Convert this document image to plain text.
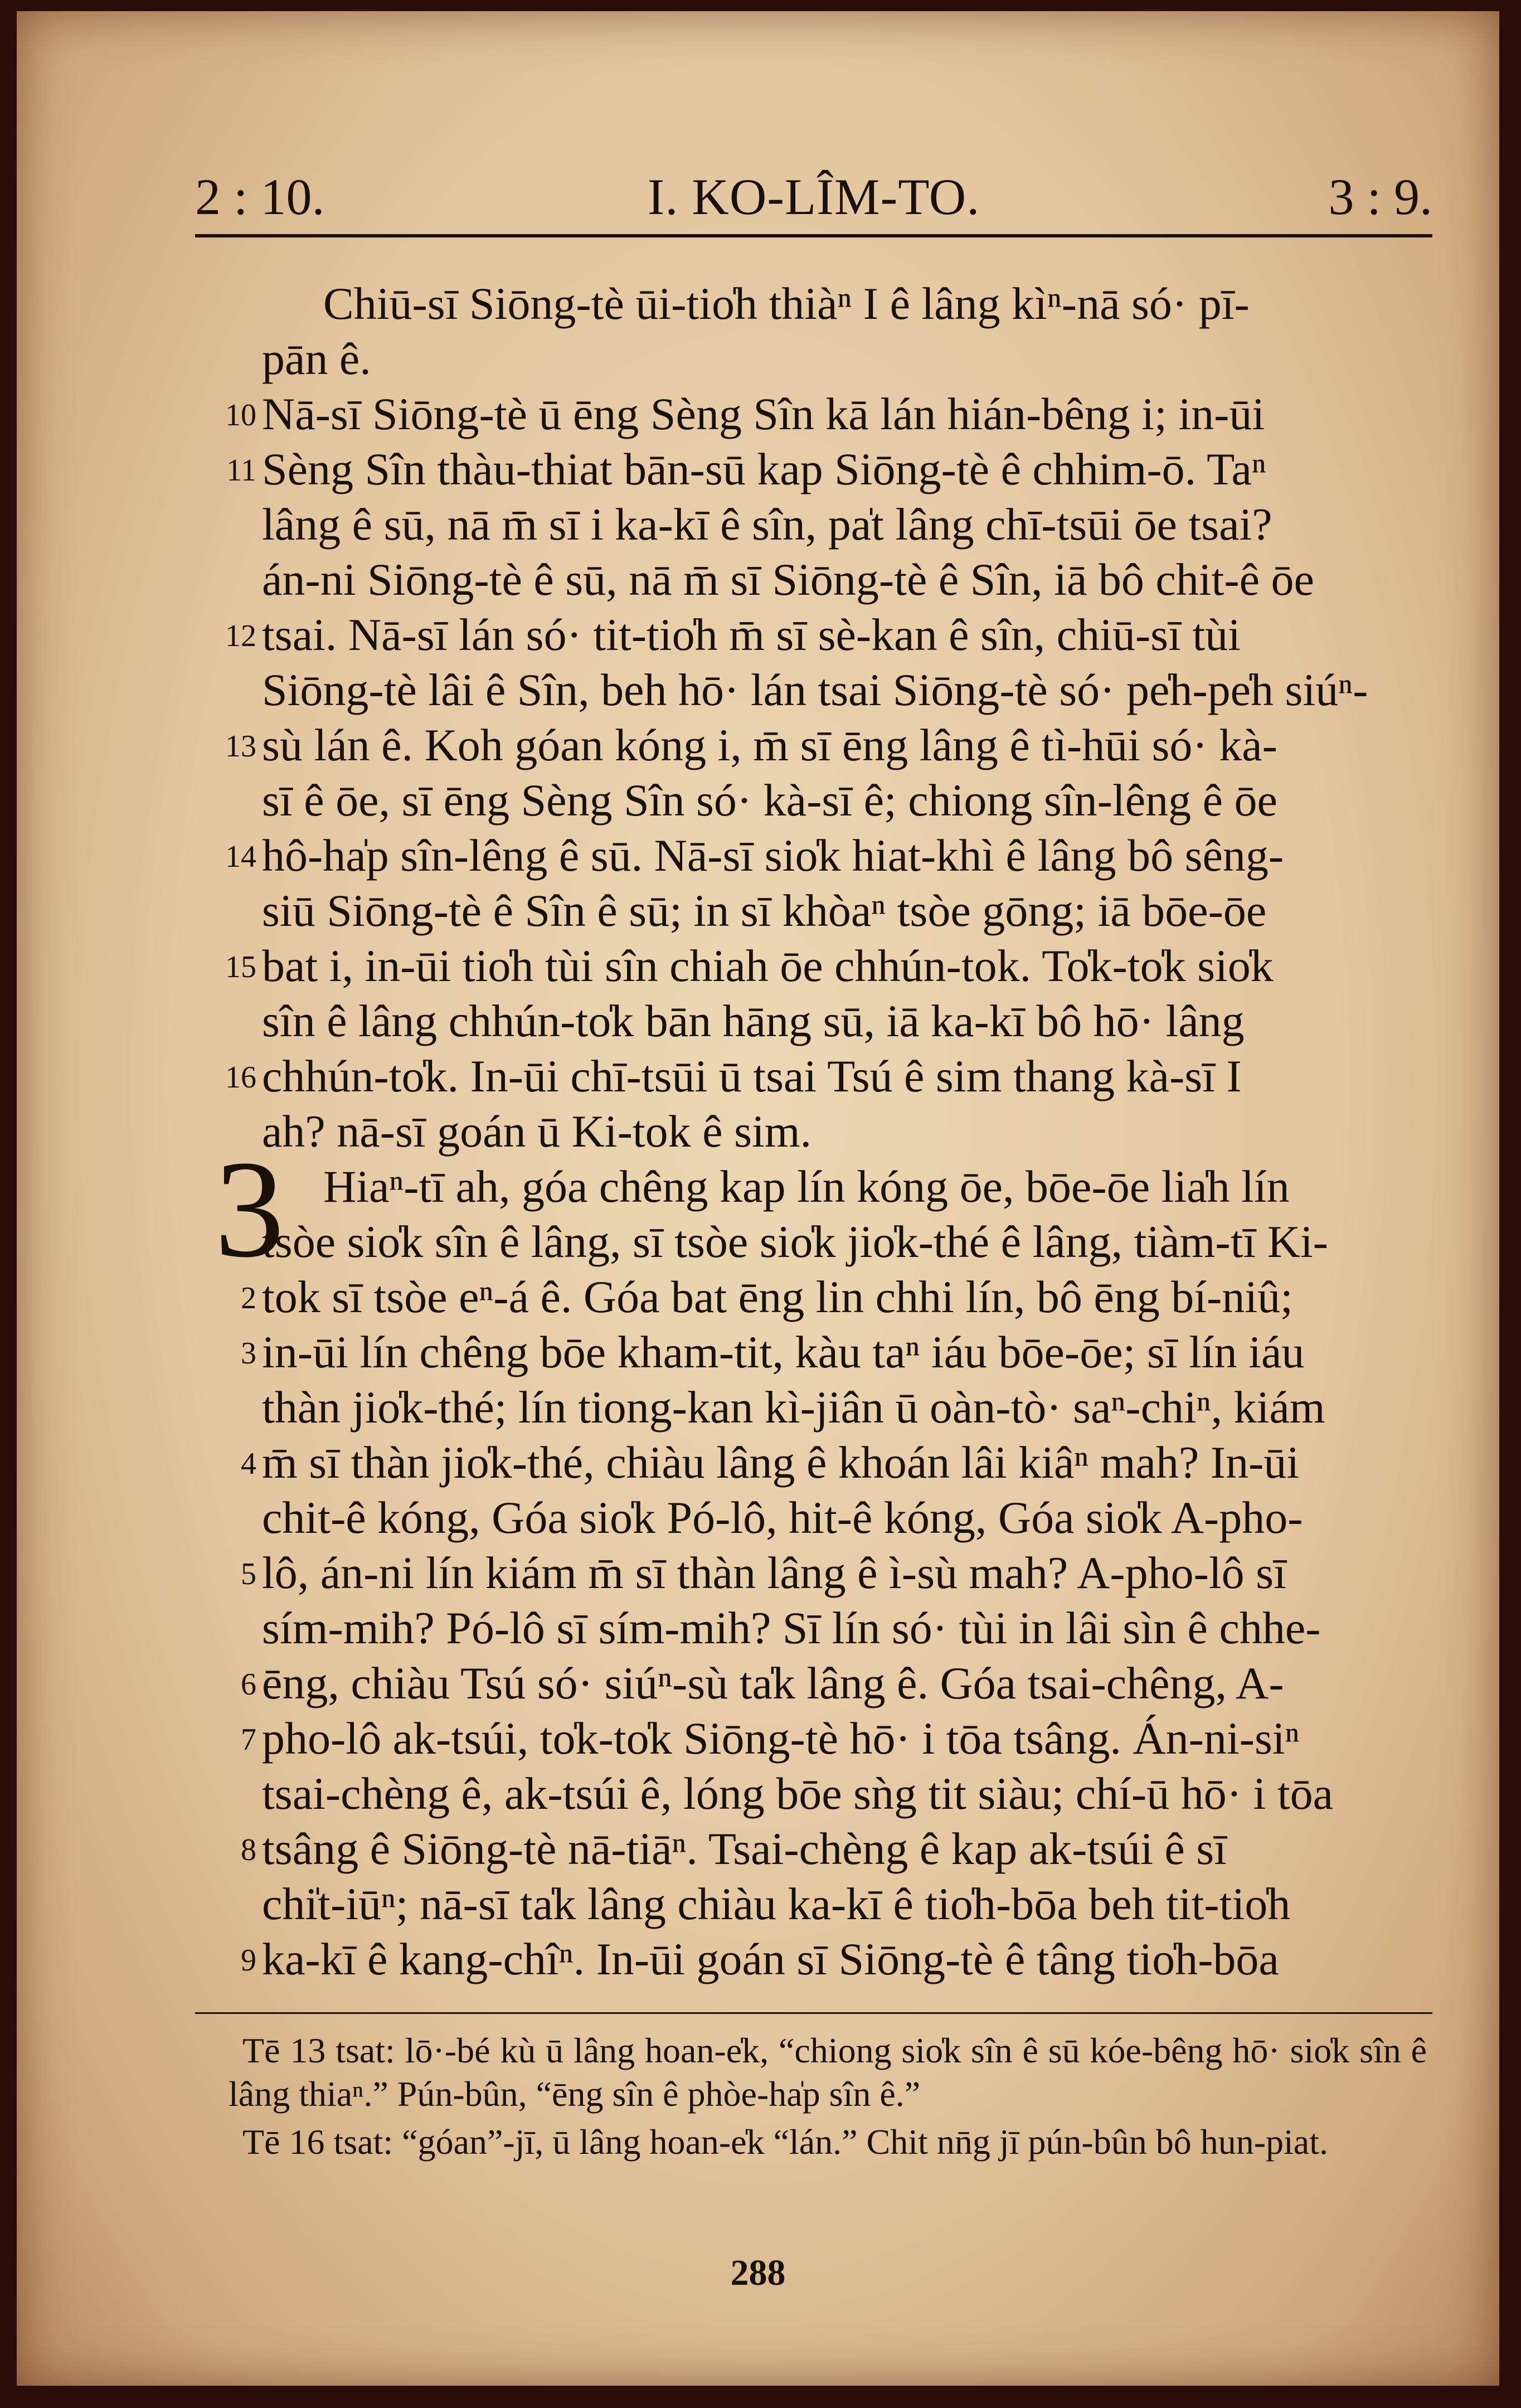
2 : 10.	I. KO-LÎM-TO.	3 : 9.
10
11
12
13
14
15
16
3
2
3
4
5
6
7
8
9

Chiū-sī Siōng-tè ūi-tio̍h thiàⁿ I ê lâng kìⁿ-nā só· pī-

pān ê.

Nā-sī Siōng-tè ū ēng Sèng Sîn kā lán hián-bêng i; in-ūi

Sèng Sîn thàu-thiat bān-sū kap Siōng-tè ê chhim-ō. Taⁿ

lâng ê sū, nā m̄ sī i ka-kī ê sîn, pa̍t lâng chī-tsūi ōe tsai?

án-ni Siōng-tè ê sū, nā m̄ sī Siōng-tè ê Sîn, iā bô chit-ê ōe

tsai. Nā-sī lán só· tit-tio̍h m̄ sī sè-kan ê sîn, chiū-sī tùi

Siōng-tè lâi ê Sîn, beh hō· lán tsai Siōng-tè só· pe̍h-pe̍h siúⁿ-

sù lán ê. Koh góan kóng i, m̄ sī ēng lâng ê tì-hūi só· kà-

sī ê ōe, sī ēng Sèng Sîn só· kà-sī ê; chiong sîn-lêng ê ōe

hô-ha̍p sîn-lêng ê sū. Nā-sī sio̍k hiat-khì ê lâng bô sêng-

siū Siōng-tè ê Sîn ê sū; in sī khòaⁿ tsòe gōng; iā bōe-ōe

bat i, in-ūi tio̍h tùi sîn chiah ōe chhún-tok. To̍k-to̍k sio̍k

sîn ê lâng chhún-to̍k bān hāng sū, iā ka-kī bô hō· lâng

chhún-to̍k. In-ūi chī-tsūi ū tsai Tsú ê sim thang kà-sī I

ah? nā-sī goán ū Ki-tok ê sim.

Hiaⁿ-tī ah, góa chêng kap lín kóng ōe, bōe-ōe lia̍h lín

tsòe sio̍k sîn ê lâng, sī tsòe sio̍k jio̍k-thé ê lâng, tiàm-tī Ki-

tok sī tsòe eⁿ-á ê. Góa bat ēng lin chhi lín, bô ēng bí-niû;

in-ūi lín chêng bōe kham-tit, kàu taⁿ iáu bōe-ōe; sī lín iáu

thàn jio̍k-thé; lín tiong-kan kì-jiân ū oàn-tò· saⁿ-chiⁿ, kiám

m̄ sī thàn jio̍k-thé, chiàu lâng ê khoán lâi kiâⁿ mah? In-ūi

chit-ê kóng, Góa sio̍k Pó-lô, hit-ê kóng, Góa sio̍k A-pho-

lô, án-ni lín kiám m̄ sī thàn lâng ê ì-sù mah? A-pho-lô sī

sím-mih? Pó-lô sī sím-mih? Sī lín só· tùi in lâi sìn ê chhe-

ēng, chiàu Tsú só· siúⁿ-sù ta̍k lâng ê. Góa tsai-chêng, A-

pho-lô ak-tsúi, to̍k-to̍k Siōng-tè hō· i tōa tsâng. Án-ni-siⁿ

tsai-chèng ê, ak-tsúi ê, lóng bōe sǹg tit siàu; chí-ū hō· i tōa

tsâng ê Siōng-tè nā-tiāⁿ. Tsai-chèng ê kap ak-tsúi ê sī

chi̍t-iūⁿ; nā-sī ta̍k lâng chiàu ka-kī ê tio̍h-bōa beh tit-tio̍h

ka-kī ê kang-chîⁿ. In-ūi goán sī Siōng-tè ê tâng tio̍h-bōa

Tē 13 tsat: lō·-bé kù ū lâng hoan-e̍k, “chiong sio̍k sîn ê sū kóe-bêng hō· sio̍k sîn ê lâng thiaⁿ.” Pún-bûn, “ēng sîn ê phòe-ha̍p sîn ê.”

Tē 16 tsat: “góan”-jī, ū lâng hoan-e̍k “lán.” Chit nn̄g jī pún-bûn bô hun-piat.

288
